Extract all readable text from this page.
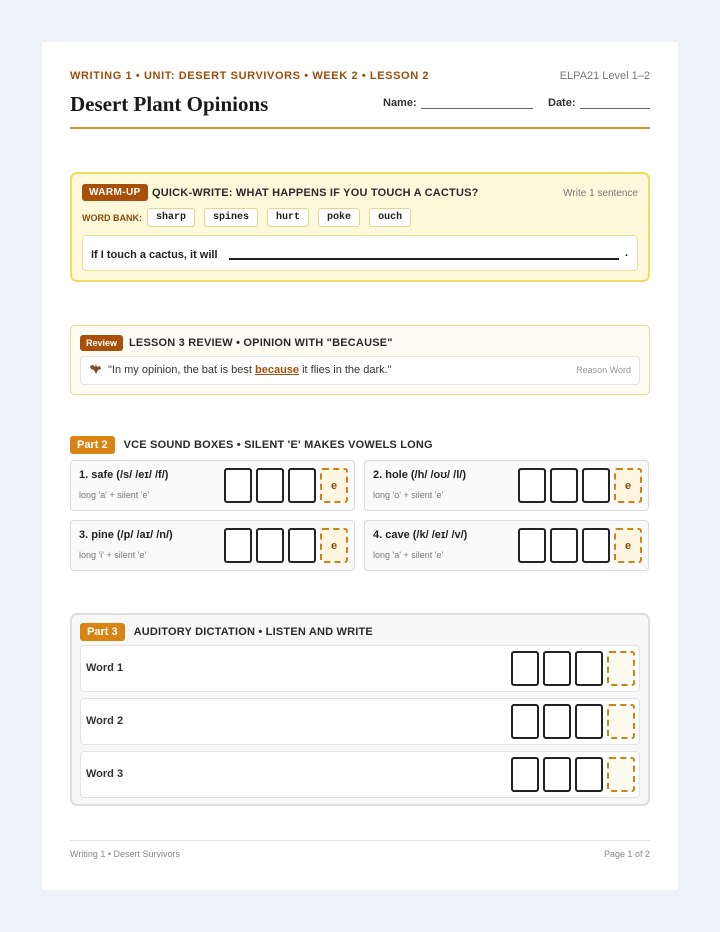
WRITING 1 • UNIT: DESERT SURVIVORS • WEEK 2 • LESSON 2	ELPA21 Level 1–2
Desert Plant Opinions	Name:	Date:
WARM-UP	QUICK-WRITE: WHAT HAPPENS IF YOU TOUCH A CACTUS?	Write 1 sentence
WORD BANK:	sharp	spines	hurt	poke	ouch
If I touch a cactus, it will	.
Review	LESSON 3 REVIEW • OPINION WITH "BECAUSE"
"In my opinion, the bat is best because it flies in the dark."	Reason Word
Part 2	VCE SOUND BOXES • SILENT 'E' MAKES VOWELS LONG
1. safe (/s/ /eɪ/ /f/)
long 'a' + silent 'e'
e
2. hole (/h/ /oʊ/ /l/)
long 'o' + silent 'e'
e
3. pine (/p/ /aɪ/ /n/)
long 'i' + silent 'e'
e
4. cave (/k/ /eɪ/ /v/)
long 'a' + silent 'e'
e
Part 3	AUDITORY DICTATION • LISTEN AND WRITE
Word 1
Word 2
Word 3
Writing 1 • Desert Survivors	Page 1 of 2
